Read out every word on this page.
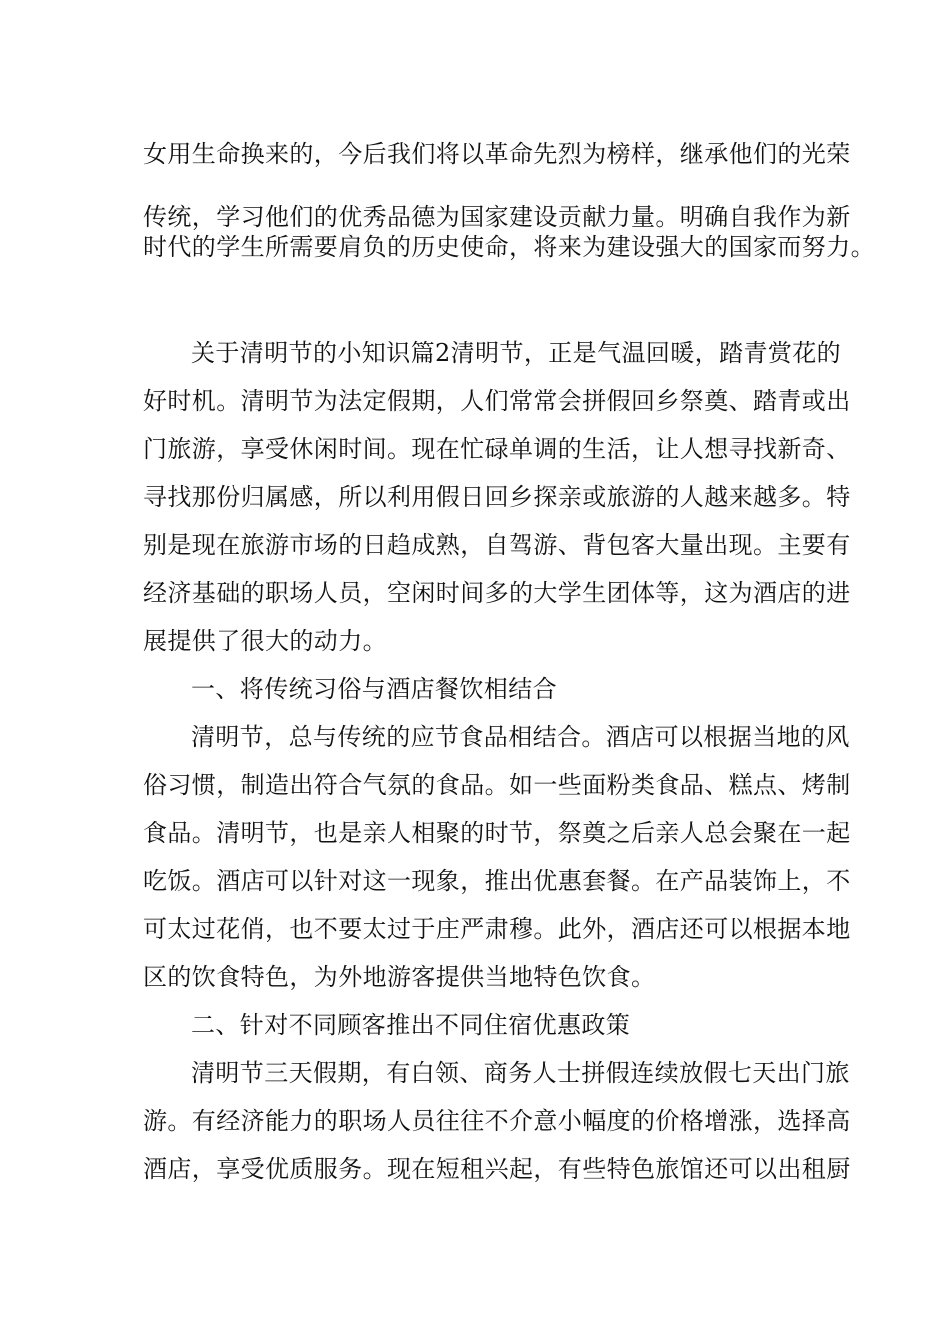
女用生命换来的，今后我们将以革命先烈为榜样，继承他们的光荣
传统，学习他们的优秀品德为国家建设贡献力量。明确自我作为新
时代的学生所需要肩负的历史使命，将来为建设强大的国家而努力。
关于清明节的小知识篇2清明节，正是气温回暖，踏青赏花的
好时机。清明节为法定假期，人们常常会拼假回乡祭奠、踏青或出
门旅游，享受休闲时间。现在忙碌单调的生活，让人想寻找新奇、
寻找那份归属感，所以利用假日回乡探亲或旅游的人越来越多。特
别是现在旅游市场的日趋成熟，自驾游、背包客大量出现。主要有
经济基础的职场人员，空闲时间多的大学生团体等，这为酒店的进
展提供了很大的动力。
一、将传统习俗与酒店餐饮相结合
清明节，总与传统的应节食品相结合。酒店可以根据当地的风
俗习惯，制造出符合气氛的食品。如一些面粉类食品、糕点、烤制
食品。清明节，也是亲人相聚的时节，祭奠之后亲人总会聚在一起
吃饭。酒店可以针对这一现象，推出优惠套餐。在产品装饰上，不
可太过花俏，也不要太过于庄严肃穆。此外，酒店还可以根据本地
区的饮食特色，为外地游客提供当地特色饮食。
二、针对不同顾客推出不同住宿优惠政策
清明节三天假期，有白领、商务人士拼假连续放假七天出门旅
游。有经济能力的职场人员往往不介意小幅度的价格增涨，选择高
酒店，享受优质服务。现在短租兴起，有些特色旅馆还可以出租厨
